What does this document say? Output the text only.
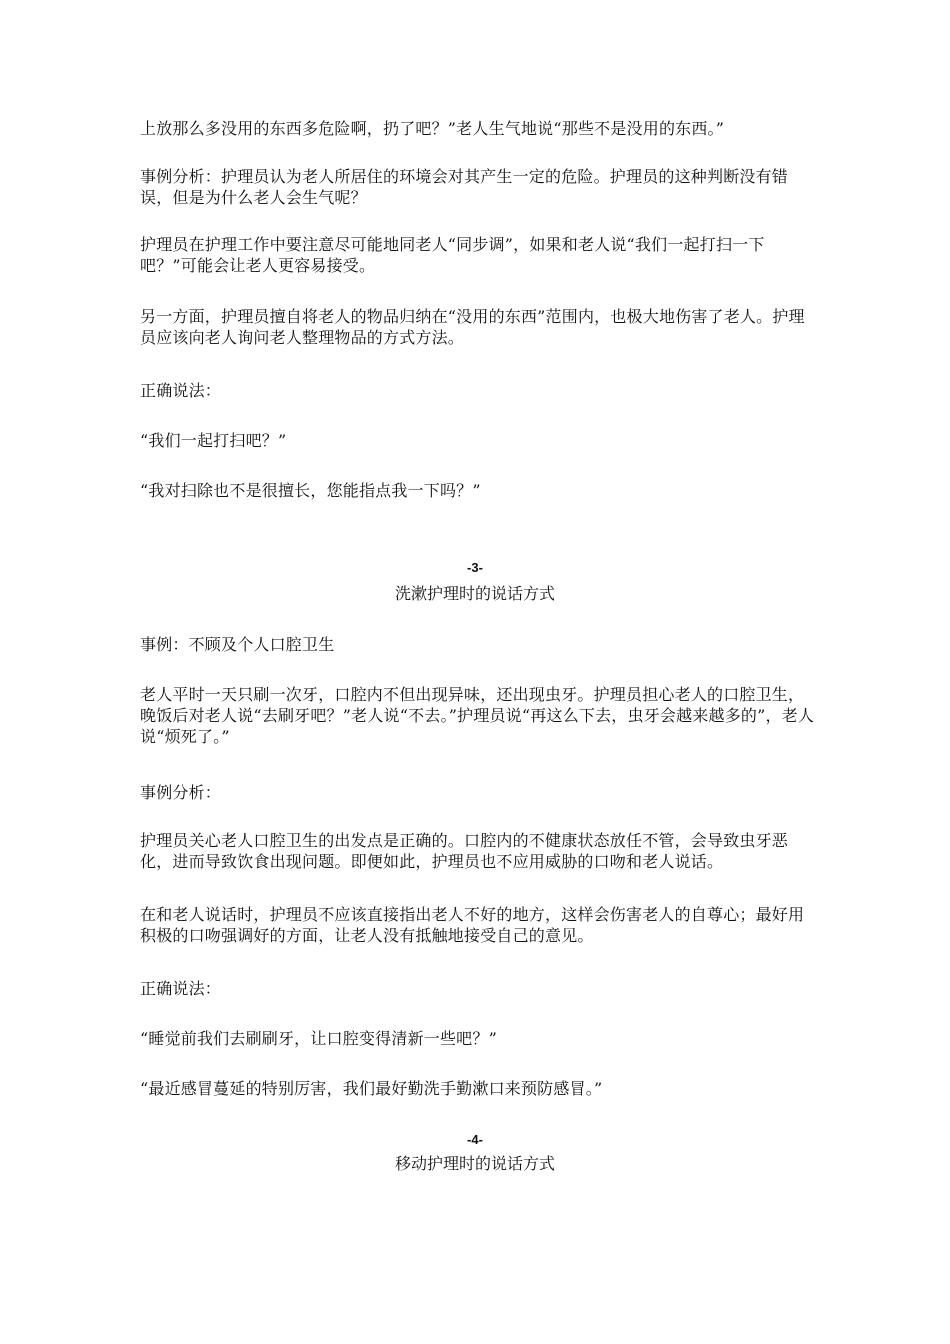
上放那么多没用的东西多危险啊，扔了吧？”老人生气地说“那些不是没用的东西。”

事例分析：护理员认为老人所居住的环境会对其产生一定的危险。护理员的这种判断没有错误，但是为什么老人会生气呢？

护理员在护理工作中要注意尽可能地同老人“同步调”，如果和老人说“我们一起打扫一下吧？”可能会让老人更容易接受。

另一方面，护理员擅自将老人的物品归纳在“没用的东西”范围内，也极大地伤害了老人。护理员应该向老人询问老人整理物品的方式方法。

正确说法：

“我们一起打扫吧？”

“我对扫除也不是很擅长，您能指点我一下吗？”

-3-

洗漱护理时的说话方式

事例：不顾及个人口腔卫生

老人平时一天只刷一次牙，口腔内不但出现异味，还出现虫牙。护理员担心老人的口腔卫生，晚饭后对老人说“去刷牙吧？”老人说“不去。”护理员说“再这么下去，虫牙会越来越多的”，老人说“烦死了。”

事例分析：

护理员关心老人口腔卫生的出发点是正确的。口腔内的不健康状态放任不管，会导致虫牙恶化，进而导致饮食出现问题。即便如此，护理员也不应用威胁的口吻和老人说话。

在和老人说话时，护理员不应该直接指出老人不好的地方，这样会伤害老人的自尊心；最好用积极的口吻强调好的方面，让老人没有抵触地接受自己的意见。

正确说法：

“睡觉前我们去刷刷牙，让口腔变得清新一些吧？”

“最近感冒蔓延的特别厉害，我们最好勤洗手勤漱口来预防感冒。”

-4-

移动护理时的说话方式
